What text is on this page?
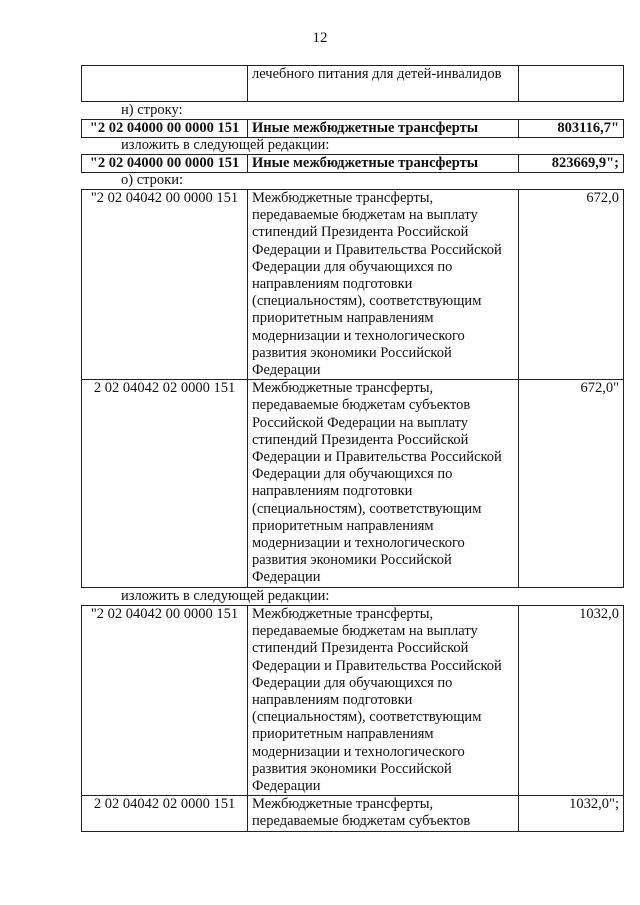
12
	лечебного питания для детей-инвалидов	
н) строку:
"2 02 04000 00 0000 151	Иные межбюджетные трансферты	803116,7"
изложить в следующей редакции:
"2 02 04000 00 0000 151	Иные межбюджетные трансферты	823669,9";
о) строки:
"2 02 04042 00 0000 151	Межбюджетные трансферты, передаваемые бюджетам на выплату стипендий Президента Российской Федерации и Правительства Российской Федерации для обучающихся по направлениям подготовки (специальностям), соответствующим приоритетным направлениям модернизации и технологического развития экономики Российской Федерации	672,0
2 02 04042 02 0000 151	Межбюджетные трансферты, передаваемые бюджетам субъектов Российской Федерации на выплату стипендий Президента Российской Федерации и Правительства Российской Федерации для обучающихся по направлениям подготовки (специальностям), соответствующим приоритетным направлениям модернизации и технологического развития экономики Российской Федерации	672,0"
изложить в следующей редакции:
"2 02 04042 00 0000 151	Межбюджетные трансферты, передаваемые бюджетам на выплату стипендий Президента Российской Федерации и Правительства Российской Федерации для обучающихся по направлениям подготовки (специальностям), соответствующим приоритетным направлениям модернизации и технологического развития экономики Российской Федерации	1032,0
2 02 04042 02 0000 151	Межбюджетные трансферты, передаваемые бюджетам субъектов	1032,0";
